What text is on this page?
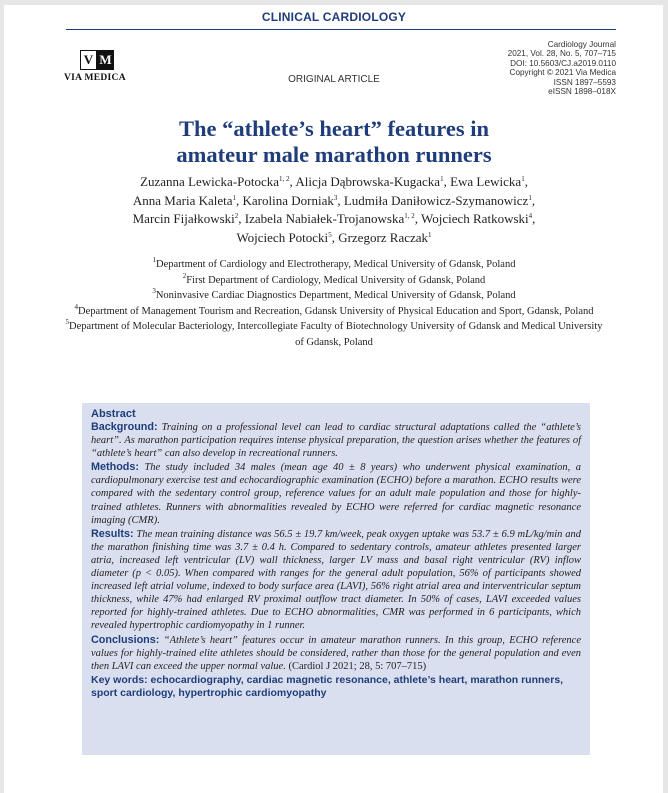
CLINICAL CARDIOLOGY
V M
VIA MEDICA	ORIGINAL ARTICLE
Cardiology Journal
2021, Vol. 28, No. 5, 707–715
DOI: 10.5603/CJ.a2019.0110
Copyright © 2021 Via Medica
ISSN 1897–5593
eISSN 1898–018X
The “athlete’s heart” features in
amateur male marathon runners
Zuzanna Lewicka-Potocka$^{1, 2}$, Alicja Dąbrowska-Kugacka$^1$, Ewa Lewicka$^1$,
Anna Maria Kaleta$^1$, Karolina Dorniak$^3$, Ludmiła Daniłowicz-Szymanowicz$^1$,
Marcin Fijałkowski$^2$, Izabela Nabiałek-Trojanowska$^{1, 2}$, Wojciech Ratkowski$^4$,
Wojciech Potocki$^5$, Grzegorz Raczak$^1$
$^1$Department of Cardiology and Electrotherapy, Medical University of Gdansk, Poland
$^2$First Department of Cardiology, Medical University of Gdansk, Poland
$^3$Noninvasive Cardiac Diagnostics Department, Medical University of Gdansk, Poland
$^4$Department of Management Tourism and Recreation, Gdansk University of Physical Education and Sport, Gdansk, Poland
$^5$Department of Molecular Bacteriology, Intercollegiate Faculty of Biotechnology University of Gdansk and Medical University of Gdansk, Poland
Abstract

Background: Training on a professional level can lead to cardiac structural adaptations called the “athlete’s heart”. As marathon participation requires intense physical preparation, the question arises whether the features of “athlete’s heart” can also develop in recreational runners.

Methods: The study included 34 males (mean age 40 ± 8 years) who underwent physical examination, a cardiopulmonary exercise test and echocardiographic examination (ECHO) before a marathon. ECHO results were compared with the sedentary control group, reference values for an adult male population and those for highly-trained athletes. Runners with abnormalities revealed by ECHO were referred for cardiac magnetic resonance imaging (CMR).

Results: The mean training distance was 56.5 ± 19.7 km/week, peak oxygen uptake was 53.7 ± 6.9 mL/kg/min and the marathon finishing time was 3.7 ± 0.4 h. Compared to sedentary controls, amateur athletes presented larger atria, increased left ventricular (LV) wall thickness, larger LV mass and basal right ventricular (RV) inflow diameter (p < 0.05). When compared with ranges for the general adult population, 56% of participants showed increased left atrial volume, indexed to body surface area (LAVI), 56% right atrial area and interventricular septum thickness, while 47% had enlarged RV proximal outflow tract diameter. In 50% of cases, LAVI exceeded values reported for highly-trained athletes. Due to ECHO abnormalities, CMR was performed in 6 participants, which revealed hypertrophic cardiomyopathy in 1 runner.

Conclusions: “Athlete’s heart” features occur in amateur marathon runners. In this group, ECHO reference values for highly-trained elite athletes should be considered, rather than those for the general population and even then LAVI can exceed the upper normal value. (Cardiol J 2021; 28, 5: 707–715)

Key words: echocardiography, cardiac magnetic resonance, athlete’s heart, marathon runners, sport cardiology, hypertrophic cardiomyopathy
